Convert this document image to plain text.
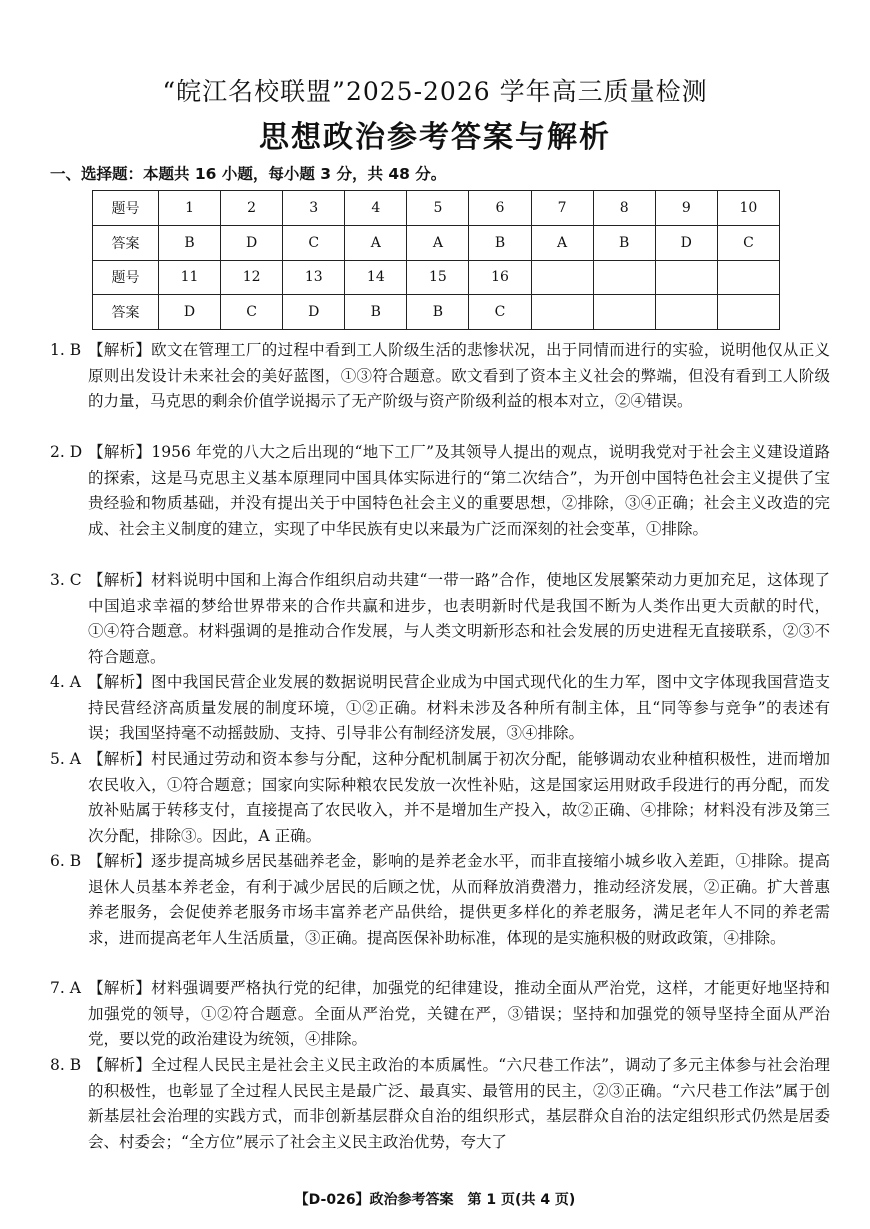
“皖江名校联盟”2025-2026 学年高三质量检测
思想政治参考答案与解析
一、选择题：本题共 16 小题，每小题 3 分，共 48 分。
题号	1	2	3	4	5	6	7	8	9	10
答案	B	D	C	A	A	B	A	B	D	C
题号	11	12	13	14	15	16				
答案	D	C	D	B	B	C				
1. B 【解析】欧文在管理工厂的过程中看到工人阶级生活的悲惨状况，出于同情而进行的实验，说明他仅从正义原则出发设计未来社会的美好蓝图，①③符合题意。欧文看到了资本主义社会的弊端，但没有看到工人阶级的力量，马克思的剩余价值学说揭示了无产阶级与资产阶级利益的根本对立，②④错误。
2. D 【解析】1956 年党的八大之后出现的“地下工厂”及其领导人提出的观点，说明我党对于社会主义建设道路的探索，这是马克思主义基本原理同中国具体实际进行的“第二次结合”，为开创中国特色社会主义提供了宝贵经验和物质基础，并没有提出关于中国特色社会主义的重要思想，②排除，③④正确；社会主义改造的完成、社会主义制度的建立，实现了中华民族有史以来最为广泛而深刻的社会变革，①排除。
3. C 【解析】材料说明中国和上海合作组织启动共建“一带一路”合作，使地区发展繁荣动力更加充足，这体现了中国追求幸福的梦给世界带来的合作共赢和进步，也表明新时代是我国不断为人类作出更大贡献的时代，①④符合题意。材料强调的是推动合作发展，与人类文明新形态和社会发展的历史进程无直接联系，②③不符合题意。
4. A 【解析】图中我国民营企业发展的数据说明民营企业成为中国式现代化的生力军，图中文字体现我国营造支持民营经济高质量发展的制度环境，①②正确。材料未涉及各种所有制主体，且“同等参与竞争”的表述有误；我国坚持毫不动摇鼓励、支持、引导非公有制经济发展，③④排除。
5. A 【解析】村民通过劳动和资本参与分配，这种分配机制属于初次分配，能够调动农业种植积极性，进而增加农民收入，①符合题意；国家向实际种粮农民发放一次性补贴，这是国家运用财政手段进行的再分配，而发放补贴属于转移支付，直接提高了农民收入，并不是增加生产投入，故②正确、④排除；材料没有涉及第三次分配，排除③。因此，A 正确。
6. B 【解析】逐步提高城乡居民基础养老金，影响的是养老金水平，而非直接缩小城乡收入差距，①排除。提高退休人员基本养老金，有利于减少居民的后顾之忧，从而释放消费潜力，推动经济发展，②正确。扩大普惠养老服务，会促使养老服务市场丰富养老产品供给，提供更多样化的养老服务，满足老年人不同的养老需求，进而提高老年人生活质量，③正确。提高医保补助标准，体现的是实施积极的财政政策，④排除。
7. A 【解析】材料强调要严格执行党的纪律，加强党的纪律建设，推动全面从严治党，这样，才能更好地坚持和加强党的领导，①②符合题意。全面从严治党，关键在严，③错误；坚持和加强党的领导坚持全面从严治党，要以党的政治建设为统领，④排除。
8. B 【解析】全过程人民民主是社会主义民主政治的本质属性。“六尺巷工作法”，调动了多元主体参与社会治理的积极性，也彰显了全过程人民民主是最广泛、最真实、最管用的民主，②③正确。“六尺巷工作法”属于创新基层社会治理的实践方式，而非创新基层群众自治的组织形式，基层群众自治的法定组织形式仍然是居委会、村委会；“全方位”展示了社会主义民主政治优势，夸大了
【D-026】政治参考答案　第 1 页(共 4 页)
